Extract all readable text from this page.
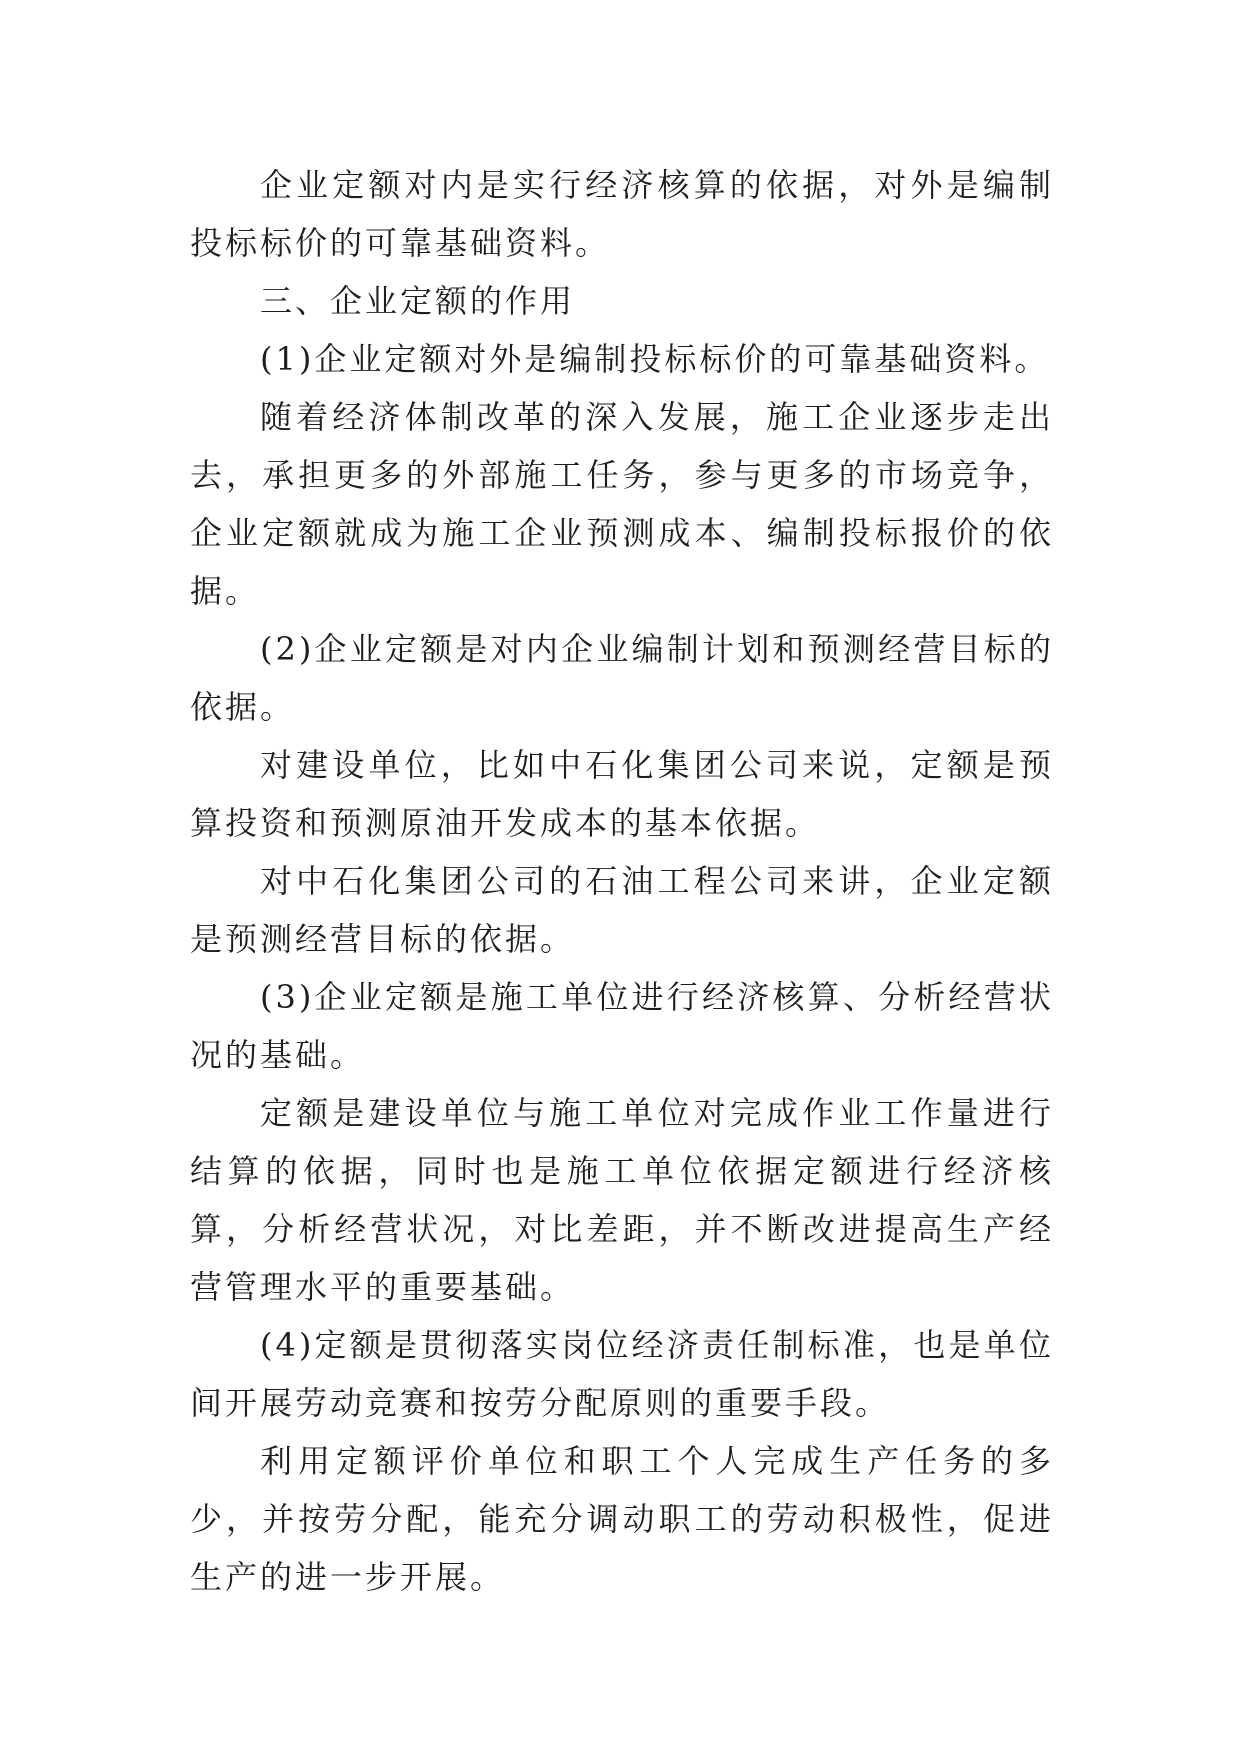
企业定额对内是实行经济核算的依据，对外是编制投标标价的可靠基础资料。

三、企业定额的作用

(1)企业定额对外是编制投标标价的可靠基础资料。

随着经济体制改革的深入发展，施工企业逐步走出去，承担更多的外部施工任务，参与更多的市场竞争，企业定额就成为施工企业预测成本、编制投标报价的依据。

(2)企业定额是对内企业编制计划和预测经营目标的依据。

对建设单位，比如中石化集团公司来说，定额是预算投资和预测原油开发成本的基本依据。

对中石化集团公司的石油工程公司来讲，企业定额是预测经营目标的依据。

(3)企业定额是施工单位进行经济核算、分析经营状况的基础。

定额是建设单位与施工单位对完成作业工作量进行结算的依据，同时也是施工单位依据定额进行经济核算，分析经营状况，对比差距，并不断改进提高生产经营管理水平的重要基础。

(4)定额是贯彻落实岗位经济责任制标准，也是单位间开展劳动竞赛和按劳分配原则的重要手段。

利用定额评价单位和职工个人完成生产任务的多少，并按劳分配，能充分调动职工的劳动积极性，促进生产的进一步开展。
